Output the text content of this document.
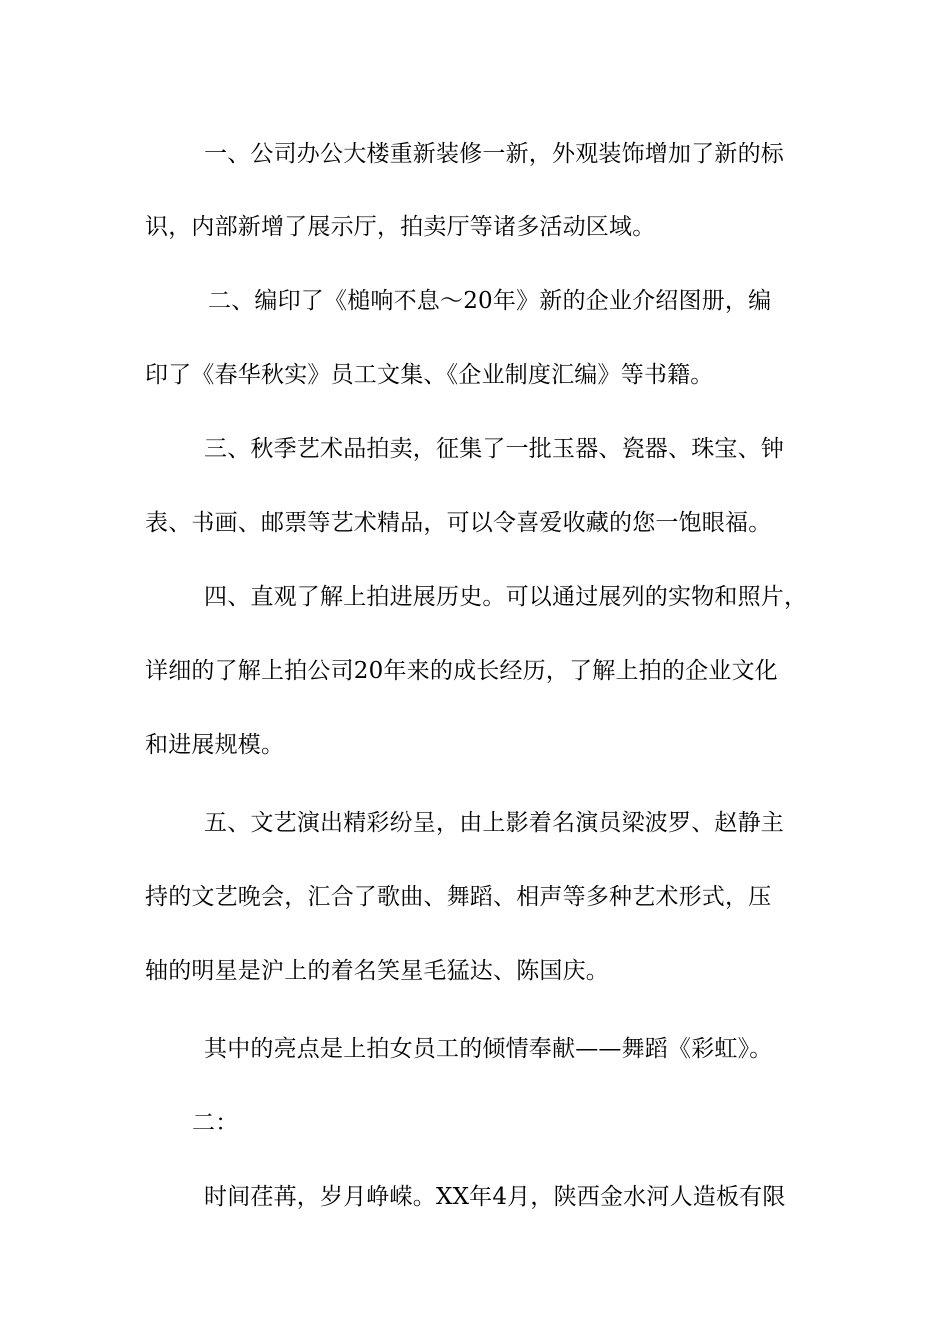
一、公司办公大楼重新装修一新，外观装饰增加了新的标
识，内部新增了展示厅，拍卖厅等诸多活动区域。
二、编印了《槌响不息～20年》新的企业介绍图册，编
印了《春华秋实》员工文集、《企业制度汇编》等书籍。
三、秋季艺术品拍卖，征集了一批玉器、瓷器、珠宝、钟
表、书画、邮票等艺术精品，可以令喜爱收藏的您一饱眼福。
四、直观了解上拍进展历史。可以通过展列的实物和照片，
详细的了解上拍公司20年来的成长经历，了解上拍的企业文化
和进展规模。
五、文艺演出精彩纷呈，由上影着名演员梁波罗、赵静主
持的文艺晚会，汇合了歌曲、舞蹈、相声等多种艺术形式，压
轴的明星是沪上的着名笑星毛猛达、陈国庆。
其中的亮点是上拍女员工的倾情奉献——舞蹈《彩虹》。
二：
时间荏苒，岁月峥嵘。XX年4月，陕西金水河人造板有限
